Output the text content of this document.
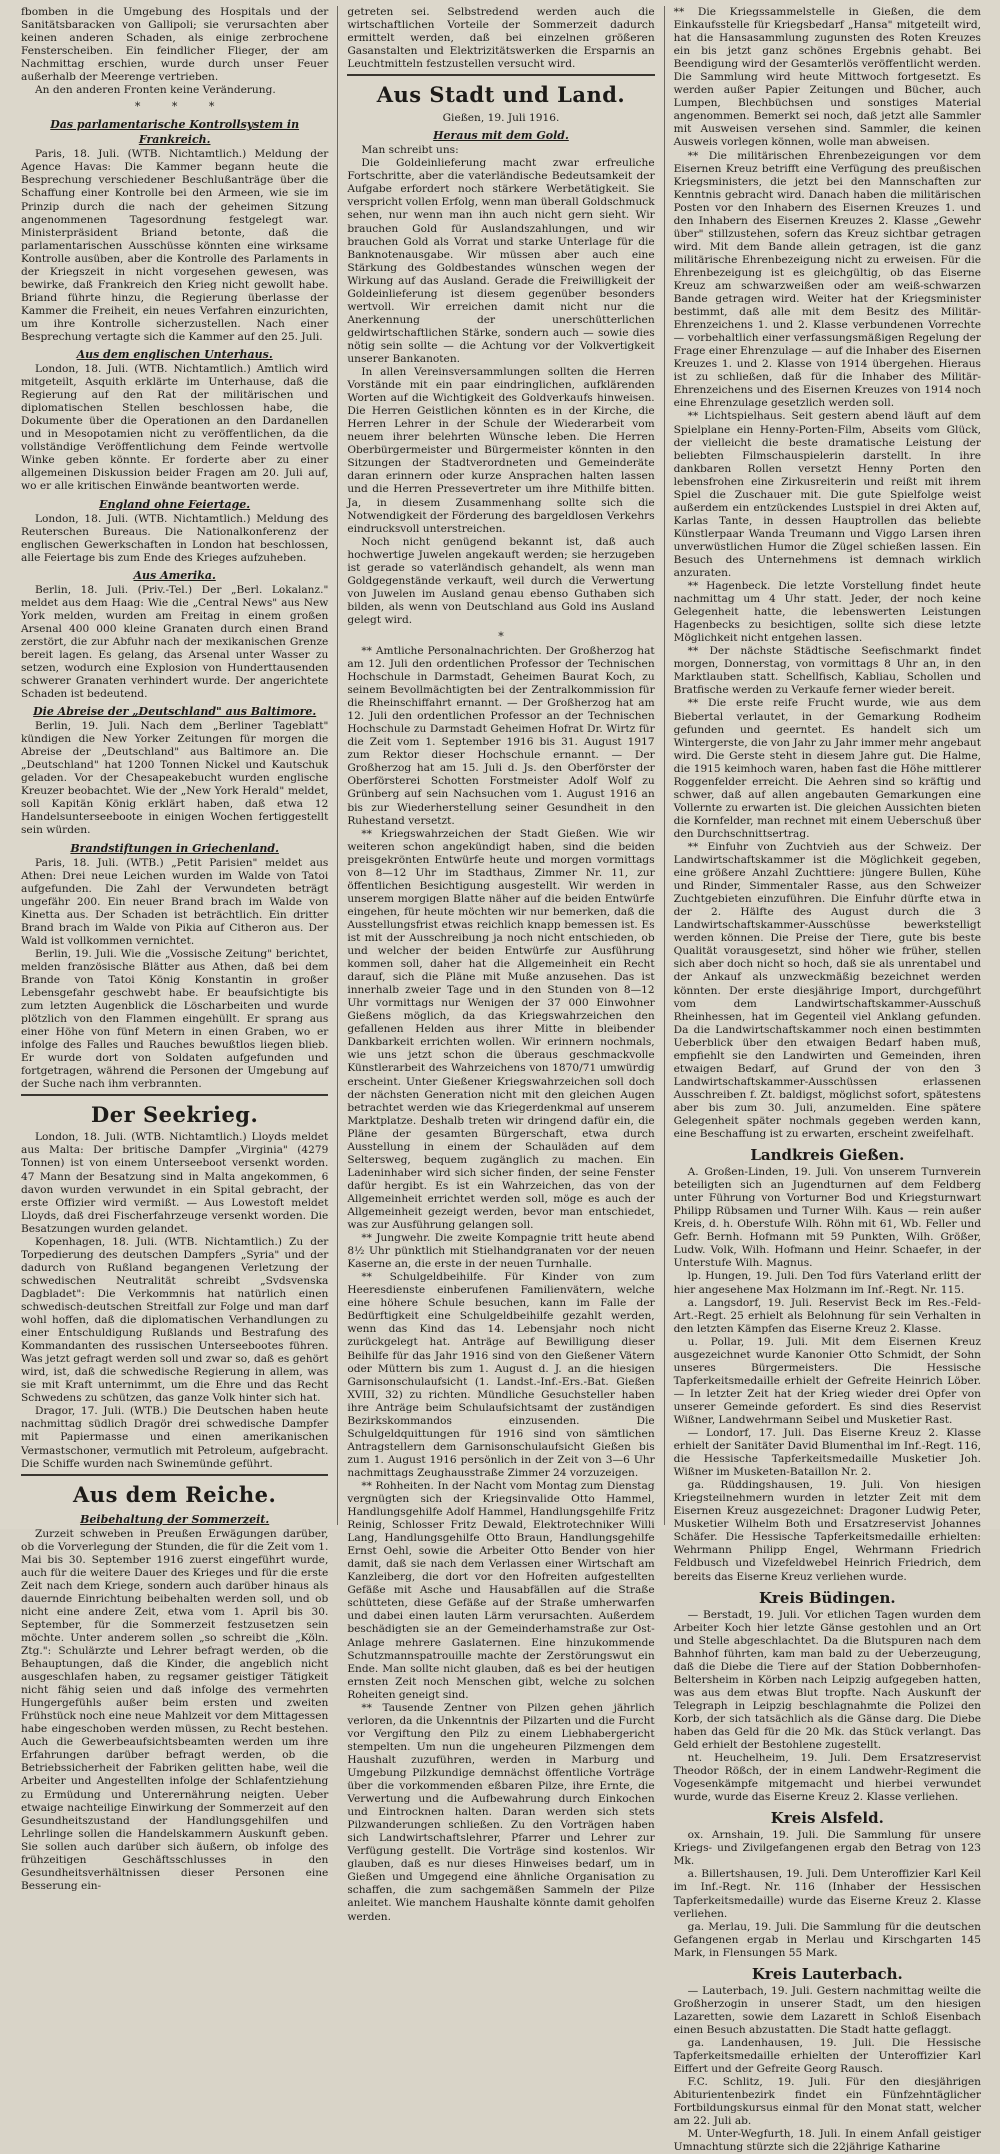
fbomben in die Umgebung des Hospitals und der Sanitätsbaracken von Gallipoli; sie verursachten aber keinen anderen Schaden, als einige zerbrochene Fensterscheiben. Ein feindlicher Flieger, der am Nachmittag erschien, wurde durch unser Feuer außerhalb der Meerenge vertrieben.

An den anderen Fronten keine Veränderung.

* * *
Das parlamentarische Kontrollsystem in Frankreich.

Paris, 18. Juli. (WTB. Nichtamtlich.) Meldung der Agence Havas: Die Kammer begann heute die Besprechung verschiedener Beschlußanträge über die Schaffung einer Kontrolle bei den Armeen, wie sie im Prinzip durch die nach der geheimen Sitzung angenommenen Tagesordnung festgelegt war. Ministerpräsident Briand betonte, daß die parlamentarischen Ausschüsse könnten eine wirksame Kontrolle ausüben, aber die Kontrolle des Parlaments in der Kriegszeit in nicht vorgesehen gewesen, was bewirke, daß Frankreich den Krieg nicht gewollt habe. Briand führte hinzu, die Regierung überlasse der Kammer die Freiheit, ein neues Verfahren einzurichten, um ihre Kontrolle sicherzustellen. Nach einer Besprechung vertagte sich die Kammer auf den 25. Juli.

Aus dem englischen Unterhaus.

London, 18. Juli. (WTB. Nichtamtlich.) Amtlich wird mitgeteilt, Asquith erklärte im Unterhause, daß die Regierung auf den Rat der militärischen und diplomatischen Stellen beschlossen habe, die Dokumente über die Operationen an den Dardanellen und in Mesopotamien nicht zu veröffentlichen, da die vollständige Veröffentlichung dem Feinde wertvolle Winke geben könnte. Er forderte aber zu einer allgemeinen Diskussion beider Fragen am 20. Juli auf, wo er alle kritischen Einwände beantworten werde.

England ohne Feiertage.

London, 18. Juli. (WTB. Nichtamtlich.) Meldung des Reuterschen Bureaus. Die Nationalkonferenz der englischen Gewerkschaften in London hat beschlossen, alle Feiertage bis zum Ende des Krieges aufzuheben.

Aus Amerika.

Berlin, 18. Juli. (Priv.-Tel.) Der „Berl. Lokalanz." meldet aus dem Haag: Wie die „Central News" aus New York melden, wurden am Freitag in einem großen Arsenal 400 000 kleine Granaten durch einen Brand zerstört, die zur Abfuhr nach der mexikanischen Grenze bereit lagen. Es gelang, das Arsenal unter Wasser zu setzen, wodurch eine Explosion von Hunderttausenden schwerer Granaten verhindert wurde. Der angerichtete Schaden ist bedeutend.

Die Abreise der „Deutschland" aus Baltimore.

Berlin, 19. Juli. Nach dem „Berliner Tageblatt" kündigen die New Yorker Zeitungen für morgen die Abreise der „Deutschland" aus Baltimore an. Die „Deutschland" hat 1200 Tonnen Nickel und Kautschuk geladen. Vor der Chesapeakebucht wurden englische Kreuzer beobachtet. Wie der „New York Herald" meldet, soll Kapitän König erklärt haben, daß etwa 12 Handelsunterseeboote in einigen Wochen fertiggestellt sein würden.

Brandstiftungen in Griechenland.

Paris, 18. Juli. (WTB.) „Petit Parisien" meldet aus Athen: Drei neue Leichen wurden im Walde von Tatoi aufgefunden. Die Zahl der Verwundeten beträgt ungefähr 200. Ein neuer Brand brach im Walde von Kinetta aus. Der Schaden ist beträchtlich. Ein dritter Brand brach im Walde von Pikia auf Citheron aus. Der Wald ist vollkommen vernichtet.

Berlin, 19. Juli. Wie die „Vossische Zeitung" berichtet, melden französische Blätter aus Athen, daß bei dem Brande von Tatoi König Konstantin in großer Lebensgefahr geschwebt habe. Er beaufsichtigte bis zum letzten Augenblick die Löscharbeiten und wurde plötzlich von den Flammen eingehüllt. Er sprang aus einer Höhe von fünf Metern in einen Graben, wo er infolge des Falles und Rauches bewußtlos liegen blieb. Er wurde dort von Soldaten aufgefunden und fortgetragen, während die Personen der Umgebung auf der Suche nach ihm verbrannten.

Der Seekrieg.

London, 18. Juli. (WTB. Nichtamtlich.) Lloyds meldet aus Malta: Der britische Dampfer „Virginia" (4279 Tonnen) ist von einem Unterseeboot versenkt worden. 47 Mann der Besatzung sind in Malta angekommen, 6 davon wurden verwundet in ein Spital gebracht, der erste Offizier wird vermißt. — Aus Lowestoft meldet Lloyds, daß drei Fischerfahrzeuge versenkt worden. Die Besatzungen wurden gelandet.

Kopenhagen, 18. Juli. (WTB. Nichtamtlich.) Zu der Torpedierung des deutschen Dampfers „Syria" und der dadurch von Rußland begangenen Verletzung der schwedischen Neutralität schreibt „Svdsvenska Dagbladet": Die Verkommnis hat natürlich einen schwedisch-deutschen Streitfall zur Folge und man darf wohl hoffen, daß die diplomatischen Verhandlungen zu einer Entschuldigung Rußlands und Bestrafung des Kommandanten des russischen Unterseebootes führen. Was jetzt gefragt werden soll und zwar so, daß es gehört wird, ist, daß die schwedische Regierung in allem, was sie mit Kraft unternimmt, um die Ehre und das Recht Schwedens zu schützen, das ganze Volk hinter sich hat.

Dragor, 17. Juli. (WTB.) Die Deutschen haben heute nachmittag südlich Dragör drei schwedische Dampfer mit Papiermasse und einen amerikanischen Vermastschoner, vermutlich mit Petroleum, aufgebracht. Die Schiffe wurden nach Swinemünde geführt.

Aus dem Reiche.
Beibehaltung der Sommerzeit.

Zurzeit schweben in Preußen Erwägungen darüber, ob die Vorverlegung der Stunden, die für die Zeit vom 1. Mai bis 30. September 1916 zuerst eingeführt wurde, auch für die weitere Dauer des Krieges und für die erste Zeit nach dem Kriege, sondern auch darüber hinaus als dauernde Einrichtung beibehalten werden soll, und ob nicht eine andere Zeit, etwa vom 1. April bis 30. September, für die Sommerzeit festzusetzen sein möchte. Unter anderem sollen „so schreibt die „Köln. Ztg.": Schulärzte und Lehrer befragt werden, ob die Behauptungen, daß die Kinder, die angeblich nicht ausgeschlafen haben, zu regsamer geistiger Tätigkeit nicht fähig seien und daß infolge des vermehrten Hungergefühls außer beim ersten und zweiten Frühstück noch eine neue Mahlzeit vor dem Mittagessen habe eingeschoben werden müssen, zu Recht bestehen. Auch die Gewerbeaufsichtsbeamten werden um ihre Erfahrungen darüber befragt werden, ob die Betriebssicherheit der Fabriken gelitten habe, weil die Arbeiter und Angestellten infolge der Schlafentziehung zu Ermüdung und Unterernährung neigten. Ueber etwaige nachteilige Einwirkung der Sommerzeit auf den Gesundheitszustand der Handlungsgehilfen und Lehrlinge sollen die Handelskammern Auskunft geben. Sie sollen auch darüber sich äußern, ob infolge des frühzeitigen Geschäftsschlusses in den Gesundheitsverhältnissen dieser Personen eine Besserung ein-

getreten sei. Selbstredend werden auch die wirtschaftlichen Vorteile der Sommerzeit dadurch ermittelt werden, daß bei einzelnen größeren Gasanstalten und Elektrizitätswerken die Ersparnis an Leuchtmitteln festzustellen versucht wird.

Aus Stadt und Land.
Gießen, 19. Juli 1916.
Heraus mit dem Gold.

Man schreibt uns:

Die Goldeinlieferung macht zwar erfreuliche Fortschritte, aber die vaterländische Bedeutsamkeit der Aufgabe erfordert noch stärkere Werbetätigkeit. Sie verspricht vollen Erfolg, wenn man überall Goldschmuck sehen, nur wenn man ihn auch nicht gern sieht. Wir brauchen Gold für Auslandszahlungen, und wir brauchen Gold als Vorrat und starke Unterlage für die Banknotenausgabe. Wir müssen aber auch eine Stärkung des Goldbestandes wünschen wegen der Wirkung auf das Ausland. Gerade die Freiwilligkeit der Goldeinlieferung ist diesem gegenüber besonders wertvoll. Wir erreichen damit nicht nur die Anerkennung der unerschütterlichen geldwirtschaftlichen Stärke, sondern auch — sowie dies nötig sein sollte — die Achtung vor der Volkvertigkeit unserer Bankanoten.

In allen Vereinsversammlungen sollten die Herren Vorstände mit ein paar eindringlichen, aufklärenden Worten auf die Wichtigkeit des Goldverkaufs hinweisen. Die Herren Geistlichen könnten es in der Kirche, die Herren Lehrer in der Schule der Wiederarbeit vom neuem ihrer belehrten Wünsche leben. Die Herren Oberbürgermeister und Bürgermeister könnten in den Sitzungen der Stadtverordneten und Gemeinderäte daran erinnern oder kurze Ansprachen halten lassen und die Herren Pressevertreter um ihre Mithilfe bitten. Ja, in diesem Zusammenhang sollte sich die Notwendigkeit der Förderung des bargeldlosen Verkehrs eindrucksvoll unterstreichen.

Noch nicht genügend bekannt ist, daß auch hochwertige Juwelen angekauft werden; sie herzugeben ist gerade so vaterländisch gehandelt, als wenn man Goldgegenstände verkauft, weil durch die Verwertung von Juwelen im Ausland genau ebenso Guthaben sich bilden, als wenn von Deutschland aus Gold ins Ausland gelegt wird.

*

** Amtliche Personalnachrichten. Der Großherzog hat am 12. Juli den ordentlichen Professor der Technischen Hochschule in Darmstadt, Geheimen Baurat Koch, zu seinem Bevollmächtigten bei der Zentralkommission für die Rheinschiffahrt ernannt. — Der Großherzog hat am 12. Juli den ordentlichen Professor an der Technischen Hochschule zu Darmstadt Geheimen Hofrat Dr. Wirtz für die Zeit vom 1. September 1916 bis 31. August 1917 zum Rektor dieser Hochschule ernannt. — Der Großherzog hat am 15. Juli d. Js. den Oberförster der Oberförsterei Schotten Forstmeister Adolf Wolf zu Grünberg auf sein Nachsuchen vom 1. August 1916 an bis zur Wiederherstellung seiner Gesundheit in den Ruhestand versetzt.

** Kriegswahrzeichen der Stadt Gießen. Wie wir weiteren schon angekündigt haben, sind die beiden preisgekrönten Entwürfe heute und morgen vormittags von 8—12 Uhr im Stadthaus, Zimmer Nr. 11, zur öffentlichen Besichtigung ausgestellt. Wir werden in unserem morgigen Blatte näher auf die beiden Entwürfe eingehen, für heute möchten wir nur bemerken, daß die Ausstellungsfrist etwas reichlich knapp bemessen ist. Es ist mit der Ausschreibung ja noch nicht entschieden, ob und welcher der beiden Entwürfe zur Ausführung kommen soll, daher hat die Allgemeinheit ein Recht darauf, sich die Pläne mit Muße anzusehen. Das ist innerhalb zweier Tage und in den Stunden von 8—12 Uhr vormittags nur Wenigen der 37 000 Einwohner Gießens möglich, da das Kriegswahrzeichen den gefallenen Helden aus ihrer Mitte in bleibender Dankbarkeit errichten wollen. Wir erinnern nochmals, wie uns jetzt schon die überaus geschmackvolle Künstlerarbeit des Wahrzeichens von 1870/71 umwürdig erscheint. Unter Gießener Kriegswahrzeichen soll doch der nächsten Generation nicht mit den gleichen Augen betrachtet werden wie das Kriegerdenkmal auf unserem Marktplatze. Deshalb treten wir dringend dafür ein, die Pläne der gesamten Bürgerschaft, etwa durch Ausstellung in einem der Schauläden auf dem Seltersweg, bequem zugänglich zu machen. Ein Ladeninhaber wird sich sicher finden, der seine Fenster dafür hergibt. Es ist ein Wahrzeichen, das von der Allgemeinheit errichtet werden soll, möge es auch der Allgemeinheit gezeigt werden, bevor man entschiedet, was zur Ausführung gelangen soll.

** Jungwehr. Die zweite Kompagnie tritt heute abend 8½ Uhr pünktlich mit Stielhandgranaten vor der neuen Kaserne an, die erste in der neuen Turnhalle.

** Schulgeldbeihilfe. Für Kinder von zum Heeresdienste einberufenen Familienvätern, welche eine höhere Schule besuchen, kann im Falle der Bedürftigkeit eine Schulgeldbeihilfe gezahlt werden, wenn das Kind das 14. Lebensjahr noch nicht zurückgelegt hat. Anträge auf Bewilligung dieser Beihilfe für das Jahr 1916 sind von den Gießener Vätern oder Müttern bis zum 1. August d. J. an die hiesigen Garnisonschulaufsicht (1. Landst.-Inf.-Ers.-Bat. Gießen XVIII, 32) zu richten. Mündliche Gesuchsteller haben ihre Anträge beim Schulaufsichtsamt der zuständigen Bezirkskommandos einzusenden. Die Schulgeldquittungen für 1916 sind von sämtlichen Antragstellern dem Garnisonschulaufsicht Gießen bis zum 1. August 1916 persönlich in der Zeit von 3—6 Uhr nachmittags Zeughausstraße Zimmer 24 vorzuzeigen.

** Rohheiten. In der Nacht vom Montag zum Dienstag vergnügten sich der Kriegsinvalide Otto Hammel, Handlungsgehilfe Adolf Hammel, Handlungsgehilfe Fritz Reinig, Schlosser Fritz Dewald, Elektrotechniker Willi Lang, Handlungsgehilfe Otto Braun, Handlungsgehilfe Ernst Oehl, sowie die Arbeiter Otto Bender von hier damit, daß sie nach dem Verlassen einer Wirtschaft am Kanzleiberg, die dort vor den Hofreiten aufgestellten Gefäße mit Asche und Hausabfällen auf die Straße schütteten, diese Gefäße auf der Straße umherwarfen und dabei einen lauten Lärm verursachten. Außerdem beschädigten sie an der Gemeinderhamstraße zur Ost-Anlage mehrere Gaslaternen. Eine hinzukommende Schutzmannspatrouille machte der Zerstörungswut ein Ende. Man sollte nicht glauben, daß es bei der heutigen ernsten Zeit noch Menschen gibt, welche zu solchen Roheiten geneigt sind.

** Tausende Zentner von Pilzen gehen jährlich verloren, da die Unkenntnis der Pilzarten und die Furcht vor Vergiftung den Pilz zu einem Liebhabergericht stempelten. Um nun die ungeheuren Pilzmengen dem Haushalt zuzuführen, werden in Marburg und Umgebung Pilzkundige demnächst öffentliche Vorträge über die vorkommenden eßbaren Pilze, ihre Ernte, die Verwertung und die Aufbewahrung durch Einkochen und Eintrocknen halten. Daran werden sich stets Pilzwanderungen schließen. Zu den Vorträgen haben sich Landwirtschaftslehrer, Pfarrer und Lehrer zur Verfügung gestellt. Die Vorträge sind kostenlos. Wir glauben, daß es nur dieses Hinweises bedarf, um in Gießen und Umgegend eine ähnliche Organisation zu schaffen, die zum sachgemäßen Sammeln der Pilze anleitet. Wie manchem Haushalte könnte damit geholfen werden.

** Die Kriegssammelstelle in Gießen, die dem Einkaufsstelle für Kriegsbedarf „Hansa" mitgeteilt wird, hat die Hansasammlung zugunsten des Roten Kreuzes ein bis jetzt ganz schönes Ergebnis gehabt. Bei Beendigung wird der Gesamterlös veröffentlicht werden. Die Sammlung wird heute Mittwoch fortgesetzt. Es werden außer Papier Zeitungen und Bücher, auch Lumpen, Blechbüchsen und sonstiges Material angenommen. Bemerkt sei noch, daß jetzt alle Sammler mit Ausweisen versehen sind. Sammler, die keinen Ausweis vorlegen können, wolle man abweisen.

** Die militärischen Ehrenbezeigungen vor dem Eisernen Kreuz betrifft eine Verfügung des preußischen Kriegsministers, die jetzt bei den Mannschaften zur Kenntnis gebracht wird. Danach haben die militärischen Posten vor den Inhabern des Eisernen Kreuzes 1. und den Inhabern des Eisernen Kreuzes 2. Klasse „Gewehr über" stillzustehen, sofern das Kreuz sichtbar getragen wird. Mit dem Bande allein getragen, ist die ganz militärische Ehrenbezeigung nicht zu erweisen. Für die Ehrenbezeigung ist es gleichgültig, ob das Eiserne Kreuz am schwarzweißen oder am weiß-schwarzen Bande getragen wird. Weiter hat der Kriegsminister bestimmt, daß alle mit dem Besitz des Militär-Ehrenzeichens 1. und 2. Klasse verbundenen Vorrechte — vorbehaltlich einer verfassungsmäßigen Regelung der Frage einer Ehrenzulage — auf die Inhaber des Eisernen Kreuzes 1. und 2. Klasse von 1914 übergehen. Hieraus ist zu schließen, daß für die Inhaber des Militär-Ehrenzeichens und des Eisernen Kreuzes von 1914 noch eine Ehrenzulage gesetzlich werden soll.

** Lichtspielhaus. Seit gestern abend läuft auf dem Spielplane ein Henny-Porten-Film, Abseits vom Glück, der vielleicht die beste dramatische Leistung der beliebten Filmschauspielerin darstellt. In ihre dankbaren Rollen versetzt Henny Porten den lebensfrohen eine Zirkusreiterin und reißt mit ihrem Spiel die Zuschauer mit. Die gute Spielfolge weist außerdem ein entzückendes Lustspiel in drei Akten auf, Karlas Tante, in dessen Hauptrollen das beliebte Künstlerpaar Wanda Treumann und Viggo Larsen ihren unverwüstlichen Humor die Zügel schießen lassen. Ein Besuch des Unternehmens ist demnach wirklich anzuraten.

** Hagenbeck. Die letzte Vorstellung findet heute nachmittag um 4 Uhr statt. Jeder, der noch keine Gelegenheit hatte, die lebenswerten Leistungen Hagenbecks zu besichtigen, sollte sich diese letzte Möglichkeit nicht entgehen lassen.

** Der nächste Städtische Seefischmarkt findet morgen, Donnerstag, von vormittags 8 Uhr an, in den Marktlauben statt. Schellfisch, Kabliau, Schollen und Bratfische werden zu Verkaufe ferner wieder bereit.

** Die erste reife Frucht wurde, wie aus dem Biebertal verlautet, in der Gemarkung Rodheim gefunden und geerntet. Es handelt sich um Wintergerste, die von Jahr zu Jahr immer mehr angebaut wird. Die Gerste steht in diesem Jahre gut. Die Halme, die 1915 keimhoch waren, haben fast die Höhe mittlerer Roggenfelder erreicht. Die Aehren sind so kräftig und schwer, daß auf allen angebauten Gemarkungen eine Vollernte zu erwarten ist. Die gleichen Aussichten bieten die Kornfelder, man rechnet mit einem Ueberschuß über den Durchschnittsertrag.

** Einfuhr von Zuchtvieh aus der Schweiz. Der Landwirtschaftskammer ist die Möglichkeit gegeben, eine größere Anzahl Zuchttiere: jüngere Bullen, Kühe und Rinder, Simmentaler Rasse, aus den Schweizer Zuchtgebieten einzuführen. Die Einfuhr dürfte etwa in der 2. Hälfte des August durch die 3 Landwirtschaftskammer-Ausschüsse bewerkstelligt werden können. Die Preise der Tiere, gute bis beste Qualität vorausgesetzt, sind höher wie früher, stellen sich aber doch nicht so hoch, daß sie als unrentabel und der Ankauf als unzweckmäßig bezeichnet werden könnten. Der erste diesjährige Import, durchgeführt vom dem Landwirtschaftskammer-Ausschuß Rheinhessen, hat im Gegenteil viel Anklang gefunden. Da die Landwirtschaftskammer noch einen bestimmten Ueberblick über den etwaigen Bedarf haben muß, empfiehlt sie den Landwirten und Gemeinden, ihren etwaigen Bedarf, auf Grund der von den 3 Landwirtschaftskammer-Ausschüssen erlassenen Ausschreiben f. Zt. baldigst, möglichst sofort, spätestens aber bis zum 30. Juli, anzumelden. Eine spätere Gelegenheit später nochmals gegeben werden kann, eine Beschaffung ist zu erwarten, erscheint zweifelhaft.

Landkreis Gießen.

A. Großen-Linden, 19. Juli. Von unserem Turnverein beteiligten sich an Jugendturnen auf dem Feldberg unter Führung von Vorturner Bod und Kriegsturnwart Philipp Rübsamen und Turner Wilh. Kaus — rein außer Kreis, d. h. Oberstufe Wilh. Röhn mit 61, Wb. Feller und Gefr. Bernh. Hofmann mit 59 Punkten, Wilh. Größer, Ludw. Volk, Wilh. Hofmann und Heinr. Schaefer, in der Unterstufe Wilh. Magnus.

lp. Hungen, 19. Juli. Den Tod fürs Vaterland erlitt der hier angesehene Max Holzmann im Inf.-Regt. Nr. 115.

a. Langsdorf, 19. Juli. Reservist Beck im Res.-Feld-Art.-Regt. 25 erhielt als Belohnung für sein Verhalten in den letzten Kämpfen das Eiserne Kreuz 2. Klasse.

u. Pollar, 19. Juli. Mit dem Eisernen Kreuz ausgezeichnet wurde Kanonier Otto Schmidt, der Sohn unseres Bürgermeisters. Die Hessische Tapferkeitsmedaille erhielt der Gefreite Heinrich Löber. — In letzter Zeit hat der Krieg wieder drei Opfer von unserer Gemeinde gefordert. Es sind dies Reservist Wißner, Landwehrmann Seibel und Musketier Rast.

— Londorf, 17. Juli. Das Eiserne Kreuz 2. Klasse erhielt der Sanitäter David Blumenthal im Inf.-Regt. 116, die Hessische Tapferkeitsmedaille Musketier Joh. Wißner im Musketen-Bataillon Nr. 2.

ga. Rüddingshausen, 19. Juli. Von hiesigen Kriegsteilnehmern wurden in letzter Zeit mit dem Eisernen Kreuz ausgezeichnet: Dragoner Ludwig Peter, Musketier Wilhelm Both und Ersatzreservist Johannes Schäfer. Die Hessische Tapferkeitsmedaille erhielten: Wehrmann Philipp Engel, Wehrmann Friedrich Feldbusch und Vizefeldwebel Heinrich Friedrich, dem bereits das Eiserne Kreuz verliehen wurde.

Kreis Büdingen.

— Berstadt, 19. Juli. Vor etlichen Tagen wurden dem Arbeiter Koch hier letzte Gänse gestohlen und an Ort und Stelle abgeschlachtet. Da die Blutspuren nach dem Bahnhof führten, kam man bald zu der Ueberzeugung, daß die Diebe die Tiere auf der Station Dobbernhofen-Beltersheim in Körben nach Leipzig aufgegeben hatten, was aus dem etwas Blut tropfte. Nach Auskunft der Telegraph in Leipzig beschlagnahmte die Polizei den Korb, der sich tatsächlich als die Gänse darg. Die Diebe haben das Geld für die 20 Mk. das Stück verlangt. Das Geld erhielt der Bestohlene zugestellt.

nt. Heuchelheim, 19. Juli. Dem Ersatzreservist Theodor Rößch, der in einem Landwehr-Regiment die Vogesenkämpfe mitgemacht und hierbei verwundet wurde, wurde das Eiserne Kreuz 2. Klasse verliehen.

Kreis Alsfeld.

ox. Arnshain, 19. Juli. Die Sammlung für unsere Kriegs- und Zivilgefangenen ergab den Betrag von 123 Mk.

a. Billertshausen, 19. Juli. Dem Unteroffizier Karl Keil im Inf.-Regt. Nr. 116 (Inhaber der Hessischen Tapferkeitsmedaille) wurde das Eiserne Kreuz 2. Klasse verliehen.

ga. Merlau, 19. Juli. Die Sammlung für die deutschen Gefangenen ergab in Merlau und Kirschgarten 145 Mark, in Flensungen 55 Mark.

Kreis Lauterbach.

— Lauterbach, 19. Juli. Gestern nachmittag weilte die Großherzogin in unserer Stadt, um den hiesigen Lazaretten, sowie dem Lazarett in Schloß Eisenbach einen Besuch abzustatten. Die Stadt hatte geflaggt.

ga. Landenhausen, 19. Juli. Die Hessische Tapferkeitsmedaille erhielten der Unteroffizier Karl Eiffert und der Gefreite Georg Rausch.

F.C. Schlitz, 19. Juli. Für den diesjährigen Abiturientenbezirk findet ein Fünfzehntäglicher Fortbildungskursus einmal für den Monat statt, welcher am 22. Juli ab.

M. Unter-Wegfurth, 18. Juli. In einem Anfall geistiger Umnachtung stürzte sich die 22jährige Katharine
